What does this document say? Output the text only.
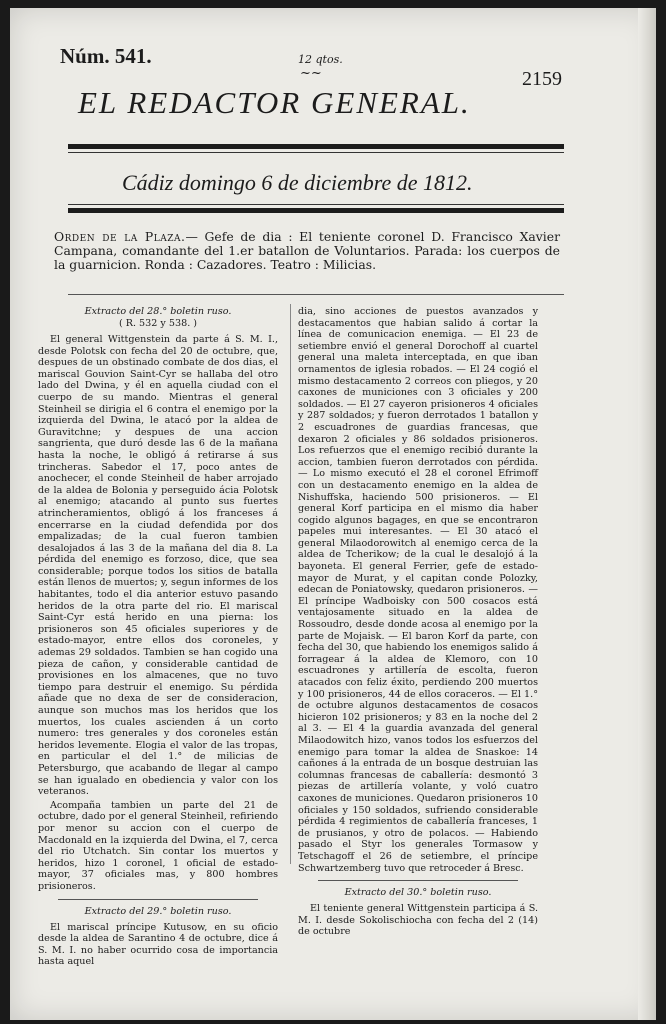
Núm. 541.	12 qtos.
~~	2159
EL REDACTOR GENERAL.
Cádiz domingo 6 de diciembre de 1812.
Orden de la Plaza.— Gefe de dia : El teniente coronel D. Francisco Xavier Campana, comandante del 1.er batallon de Voluntarios. Parada: los cuerpos de la guarnicion. Ronda : Cazadores. Teatro : Milicias.
Extracto del 28.° boletin ruso.
( R. 532 y 538. )

El general Wittgenstein da parte á S. M. I., desde Polotsk con fecha del 20 de octubre, que, despues de un obstinado combate de dos dias, el mariscal Gouvion Saint-Cyr se hallaba del otro lado del Dwina, y él en aquella ciudad con el cuerpo de su mando. Mientras el general Steinheil se dirigia el 6 contra el enemigo por la izquierda del Dwina, le atacó por la aldea de Guravitchne; y despues de una accion sangrienta, que duró desde las 6 de la mañana hasta la noche, le obligó á retirarse á sus trincheras. Sabedor el 17, poco antes de anochecer, el conde Steinheil de haber arrojado de la aldea de Bolonia y perseguido ácia Polotsk al enemigo; atacando al punto sus fuertes atrincheramientos, obligó á los franceses á encerrarse en la ciudad defendida por dos empalizadas; de la cual fueron tambien desalojados á las 3 de la mañana del dia 8. La pérdida del enemigo es forzoso, dice, que sea considerable; porque todos los sitios de batalla están llenos de muertos; y, segun informes de los habitantes, todo el dia anterior estuvo pasando heridos de la otra parte del rio. El mariscal Saint-Cyr está herido en una pierna: los prisioneros son 45 oficiales superiores y de estado-mayor, entre ellos dos coroneles, y ademas 29 soldados. Tambien se han cogido una pieza de cañon, y considerable cantidad de provisiones en los almacenes, que no tuvo tiempo para destruir el enemigo. Su pérdida añade que no dexa de ser de consideracion, aunque son muchos mas los heridos que los muertos, los cuales ascienden á un corto numero: tres generales y dos coroneles están heridos levemente. Elogia el valor de las tropas, en particular el del 1.° de milicias de Petersburgo, que acabando de llegar al campo se han igualado en obediencia y valor con los veteranos.

Acompaña tambien un parte del 21 de octubre, dado por el general Steinheil, refiriendo por menor su accion con el cuerpo de Macdonald en la izquierda del Dwina, el 7, cerca del rio Utchatch. Sin contar los muertos y heridos, hizo 1 coronel, 1 oficial de estado-mayor, 37 oficiales mas, y 800 hombres prisioneros.

Extracto del 29.° boletin ruso.

El mariscal príncipe Kutusow, en su oficio desde la aldea de Sarantino 4 de octubre, dice á S. M. I. no haber ocurrido cosa de importancia hasta aquel

dia, sino acciones de puestos avanzados y destacamentos que habian salido á cortar la línea de comunicacion enemiga. — El 23 de setiembre envió el general Dorochoff al cuartel general una maleta interceptada, en que iban ornamentos de iglesia robados. — El 24 cogió el mismo destacamento 2 correos con pliegos, y 20 caxones de municiones con 3 oficiales y 200 soldados. — El 27 cayeron prisioneros 4 oficiales y 287 soldados; y fueron derrotados 1 batallon y 2 escuadrones de guardias francesas, que dexaron 2 oficiales y 86 soldados prisioneros. Los refuerzos que el enemigo recibió durante la accion, tambien fueron derrotados con pérdida. — Lo mismo executó el 28 el coronel Efrimoff con un destacamento enemigo en la aldea de Nishuffska, haciendo 500 prisioneros. — El general Korf participa en el mismo dia haber cogido algunos bagages, en que se encontraron papeles mui interesantes. — El 30 atacó el general Milaodorowitch al enemigo cerca de la aldea de Tcherikow; de la cual le desalojó á la bayoneta. El general Ferrier, gefe de estado-mayor de Murat, y el capitan conde Polozky, edecan de Poniatowsky, quedaron prisioneros. — El príncipe Wadboisky con 500 cosacos está ventajosamente situado en la aldea de Rossoudro, desde donde acosa al enemigo por la parte de Mojaisk. — El baron Korf da parte, con fecha del 30, que habiendo los enemigos salido á forragear á la aldea de Klemoro, con 10 escuadrones y artillería de escolta, fueron atacados con feliz éxito, perdiendo 200 muertos y 100 prisioneros, 44 de ellos coraceros. — El 1.° de octubre algunos destacamentos de cosacos hicieron 102 prisioneros; y 83 en la noche del 2 al 3. — El 4 la guardia avanzada del general Milaodowitch hizo, vanos todos los esfuerzos del enemigo para tomar la aldea de Snaskoe: 14 cañones á la entrada de un bosque destruian las columnas francesas de caballería: desmontó 3 piezas de artillería volante, y voló cuatro caxones de municiones. Quedaron prisioneros 10 oficiales y 150 soldados, sufriendo considerable pérdida 4 regimientos de caballería franceses, 1 de prusianos, y otro de polacos. — Habiendo pasado el Styr los generales Tormasow y Tetschagoff el 26 de setiembre, el príncipe Schwartzemberg tuvo que retroceder á Bresc.

Extracto del 30.° boletin ruso.

El teniente general Wittgenstein participa á S. M. I. desde Sokolischiocha con fecha del 2 (14) de octubre
